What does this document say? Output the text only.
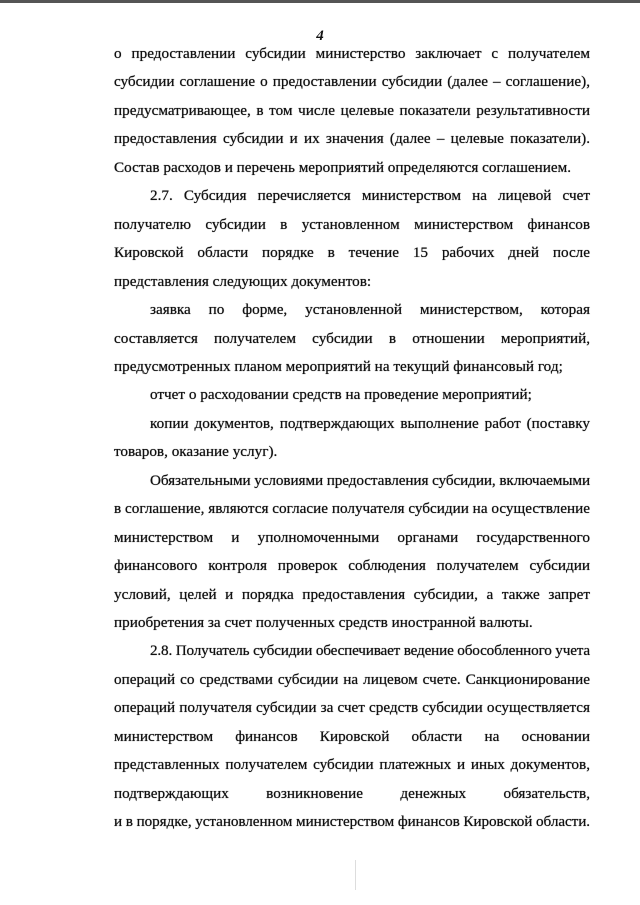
4
о предоставлении субсидии министерство заключает с получателем
субсидии соглашение о предоставлении субсидии (далее – соглашение),
предусматривающее, в том числе целевые показатели результативности
предоставления субсидии и их значения (далее – целевые показатели).
Состав расходов и перечень мероприятий определяются соглашением.
2.7. Субсидия перечисляется министерством на лицевой счет
получателю субсидии в установленном министерством финансов
Кировской области порядке в течение 15 рабочих дней после
представления следующих документов:
заявка по форме, установленной министерством, которая
составляется получателем субсидии в отношении мероприятий,
предусмотренных планом мероприятий на текущий финансовый год;
отчет о расходовании средств на проведение мероприятий;
копии документов, подтверждающих выполнение работ (поставку
товаров, оказание услуг).
Обязательными условиями предоставления субсидии, включаемыми
в соглашение, являются согласие получателя субсидии на осуществление
министерством и уполномоченными органами государственного
финансового контроля проверок соблюдения получателем субсидии
условий, целей и порядка предоставления субсидии, а также запрет
приобретения за счет полученных средств иностранной валюты.
2.8. Получатель субсидии обеспечивает ведение обособленного учета
операций со средствами субсидии на лицевом счете. Санкционирование
операций получателя субсидии за счет средств субсидии осуществляется
министерством финансов Кировской области на основании
представленных получателем субсидии платежных и иных документов,
подтверждающих возникновение денежных обязательств,
и в порядке, установленном министерством финансов Кировской области.
